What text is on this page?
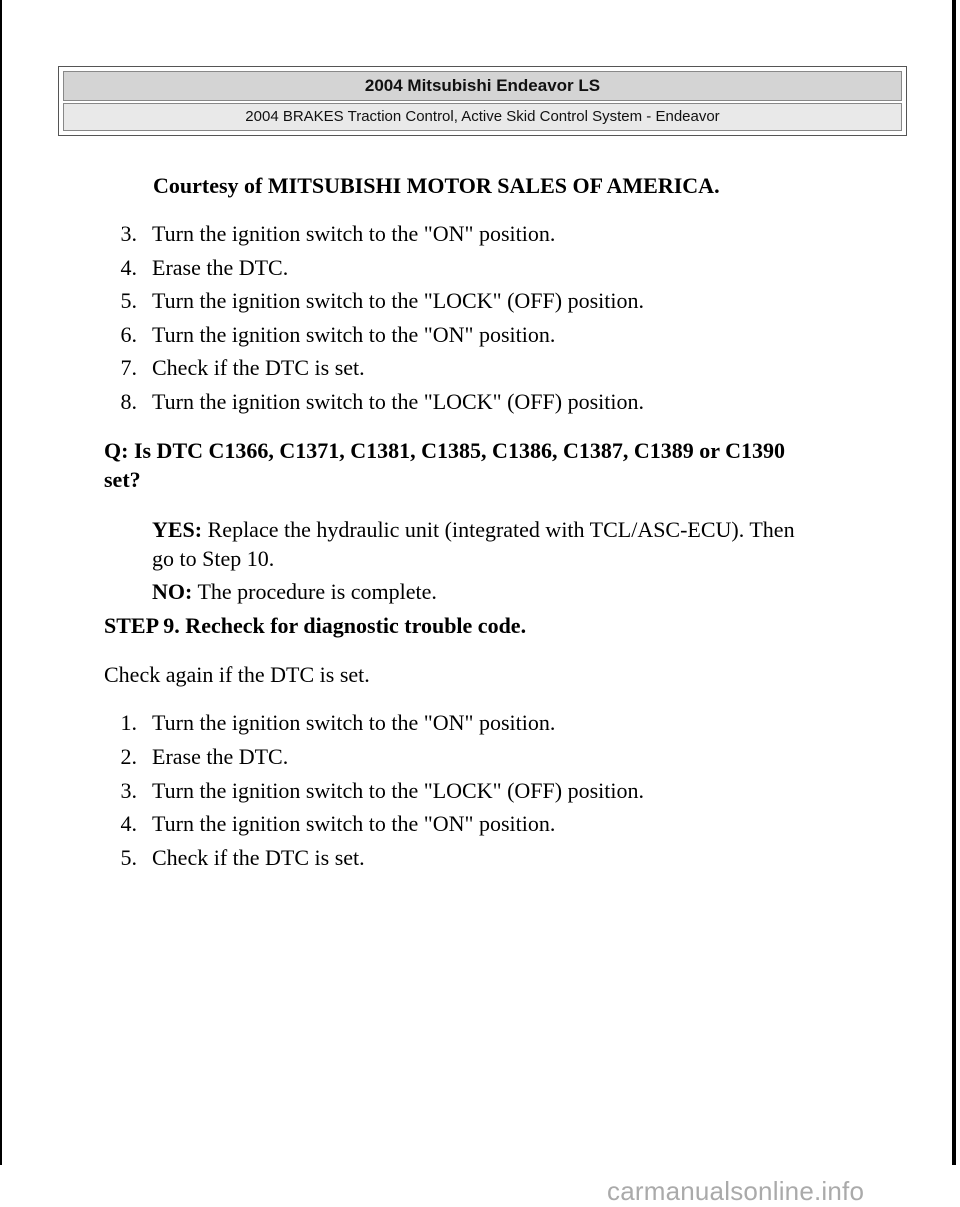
2004 Mitsubishi Endeavor LS
2004 BRAKES Traction Control, Active Skid Control System - Endeavor
Courtesy of MITSUBISHI MOTOR SALES OF AMERICA.
3. Turn the ignition switch to the "ON" position.
4. Erase the DTC.
5. Turn the ignition switch to the "LOCK" (OFF) position.
6. Turn the ignition switch to the "ON" position.
7. Check if the DTC is set.
8. Turn the ignition switch to the "LOCK" (OFF) position.
Q: Is DTC C1366, C1371, C1381, C1385, C1386, C1387, C1389 or C1390
set?
YES: Replace the hydraulic unit (integrated with TCL/ASC-ECU). Then
go to Step 10.
NO: The procedure is complete.
STEP 9. Recheck for diagnostic trouble code.
Check again if the DTC is set.
1. Turn the ignition switch to the "ON" position.
2. Erase the DTC.
3. Turn the ignition switch to the "LOCK" (OFF) position.
4. Turn the ignition switch to the "ON" position.
5. Check if the DTC is set.
carmanualsonline.info
